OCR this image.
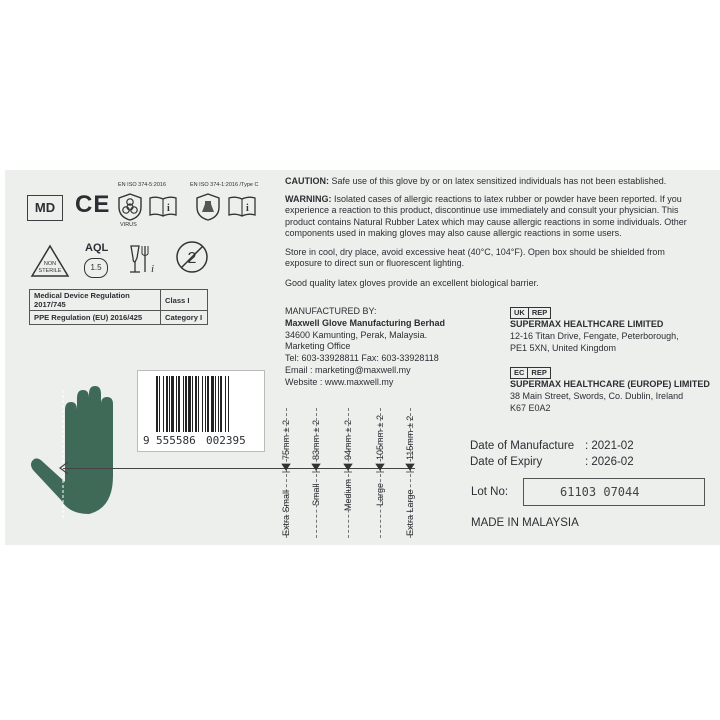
MD CE
EN ISO 374-5:2016	EN ISO 374-1:2016 /Type C
VIRUS
i	i
NON
STERILE
AQL
1.5	i
2
Medical Device Regulation 2017/745	Class I
PPE Regulation (EU) 2016/425	Category I
75mm ± 2
Extra Small
83mm ± 2
Small
94mm ± 2
Medium
105mm ± 2
Large
115mm ± 2
Extra Large
9 555586 002395
CAUTION: Safe use of this glove by or on latex sensitized individuals has not been established.
WARNING: Isolated cases of allergic reactions to latex rubber or powder have been reported. If you
experience a reaction to this product, discontinue use immediately and consult your physician. This
product contains Natural Rubber Latex which may cause allergic reactions in some individuals. Other
components used in making gloves may also cause allergic reactions in some users.
Store in cool, dry place, avoid excessive heat (40°C, 104°F). Open box should be shielded from
exposure to direct sun or fluorescent lighting.
Good quality latex gloves provide an excellent biological barrier.
MANUFACTURED BY:
Maxwell Glove Manufacturing Berhad
34600 Kamunting, Perak, Malaysia.
Marketing Office
Tel: 603-33928811 Fax: 603-33928118
Email : marketing@maxwell.my
Website : www.maxwell.my
UK REP
SUPERMAX HEALTHCARE LIMITED
12-16 Titan Drive, Fengate, Peterborough,
PE1 5XN, United Kingdom
EC REP
SUPERMAX HEALTHCARE (EUROPE) LIMITED
38 Main Street, Swords, Co. Dublin, Ireland
K67 E0A2
Date of Manufacture : 2021-02
Date of Expiry	: 2026-02
Lot No:	61103 07044
MADE IN MALAYSIA
